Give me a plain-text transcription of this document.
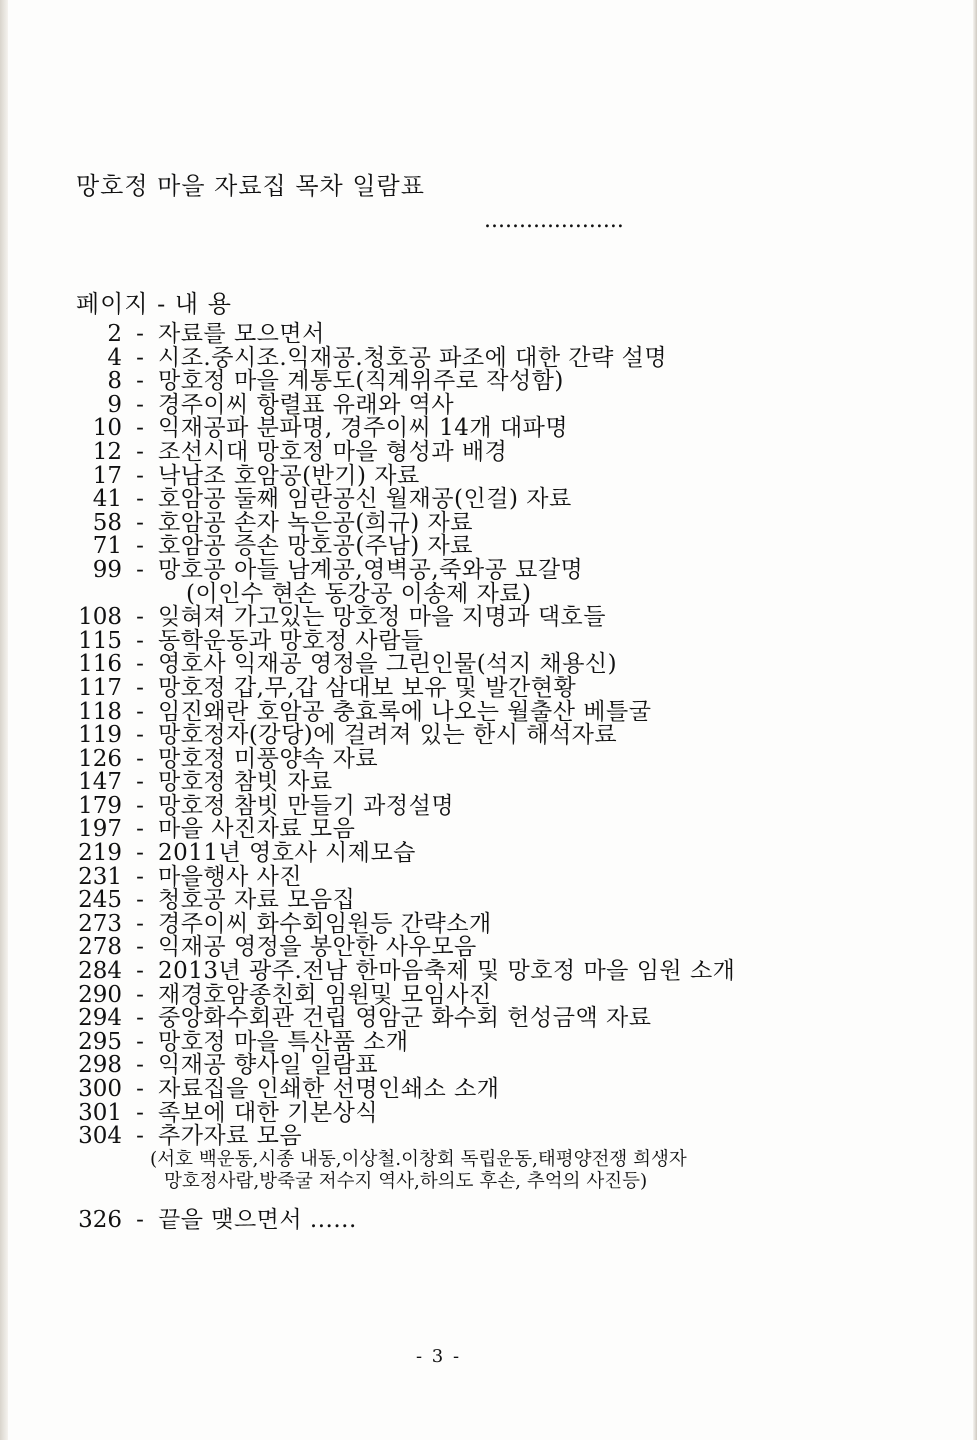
망호정 마을 자료집 목차 일람표
....................
페이지 - 내 용
2 - 자료를 모으면서
4 - 시조.중시조.익재공.청호공 파조에 대한 간략 설명
8 - 망호정 마을 계통도(직계위주로 작성함)
9 - 경주이씨 항렬표 유래와 역사
10 - 익재공파 분파명, 경주이씨 14개 대파명
12 - 조선시대 망호정 마을 형성과 배경
17 - 낙남조 호암공(반기) 자료
41 - 호암공 둘째 임란공신 월재공(인걸) 자료
58 - 호암공 손자 녹은공(희규) 자료
71 - 호암공 증손 망호공(주남) 자료
99 - 망호공 아들 남계공,영벽공,죽와공 묘갈명
(이인수 현손 동강공 이송제 자료)
108 - 잊혀져 가고있는 망호정 마을 지명과 댁호들
115 - 동학운동과 망호정 사람들
116 - 영호사 익재공 영정을 그린인물(석지 채용신)
117 - 망호정 갑,무,갑 삼대보 보유 및 발간현황
118 - 임진왜란 호암공 충효록에 나오는 월출산 베틀굴
119 - 망호정자(강당)에 걸려져 있는 한시 해석자료
126 - 망호정 미풍양속 자료
147 - 망호정 참빗 자료
179 - 망호정 참빗 만들기 과정설명
197 - 마을 사진자료 모음
219 - 2011년 영호사 시제모습
231 - 마을행사 사진
245 - 청호공 자료 모음집
273 - 경주이씨 화수회임원등 간략소개
278 - 익재공 영정을 봉안한 사우모음
284 - 2013년 광주.전남 한마음축제 및 망호정 마을 임원 소개
290 - 재경호암종친회 임원및 모임사진
294 - 중앙화수회관 건립 영암군 화수회 헌성금액 자료
295 - 망호정 마을 특산품 소개
298 - 익재공 향사일 일람표
300 - 자료집을 인쇄한 선명인쇄소 소개
301 - 족보에 대한 기본상식
304 - 추가자료 모음
(서호 백운동,시종 내동,이상철.이창회 독립운동,태평양전쟁 희생자
망호정사람,방죽굴 저수지 역사,하의도 후손, 추억의 사진등)
326 - 끝을 맺으면서 ......
- 3 -
